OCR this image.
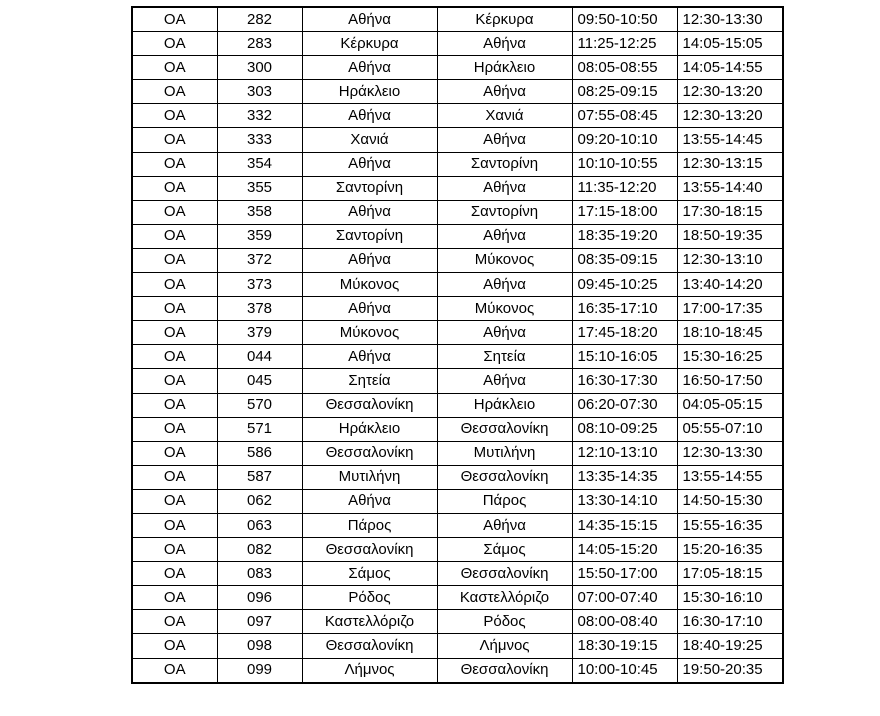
OA	282	Αθήνα	Κέρκυρα	09:50-10:50	12:30-13:30
OA	283	Κέρκυρα	Αθήνα	11:25-12:25	14:05-15:05
OA	300	Αθήνα	Ηράκλειο	08:05-08:55	14:05-14:55
OA	303	Ηράκλειο	Αθήνα	08:25-09:15	12:30-13:20
OA	332	Αθήνα	Χανιά	07:55-08:45	12:30-13:20
OA	333	Χανιά	Αθήνα	09:20-10:10	13:55-14:45
OA	354	Αθήνα	Σαντορίνη	10:10-10:55	12:30-13:15
OA	355	Σαντορίνη	Αθήνα	11:35-12:20	13:55-14:40
OA	358	Αθήνα	Σαντορίνη	17:15-18:00	17:30-18:15
OA	359	Σαντορίνη	Αθήνα	18:35-19:20	18:50-19:35
OA	372	Αθήνα	Μύκονος	08:35-09:15	12:30-13:10
OA	373	Μύκονος	Αθήνα	09:45-10:25	13:40-14:20
OA	378	Αθήνα	Μύκονος	16:35-17:10	17:00-17:35
OA	379	Μύκονος	Αθήνα	17:45-18:20	18:10-18:45
OA	044	Αθήνα	Σητεία	15:10-16:05	15:30-16:25
OA	045	Σητεία	Αθήνα	16:30-17:30	16:50-17:50
OA	570	Θεσσαλονίκη	Ηράκλειο	06:20-07:30	04:05-05:15
OA	571	Ηράκλειο	Θεσσαλονίκη	08:10-09:25	05:55-07:10
OA	586	Θεσσαλονίκη	Μυτιλήνη	12:10-13:10	12:30-13:30
OA	587	Μυτιλήνη	Θεσσαλονίκη	13:35-14:35	13:55-14:55
OA	062	Αθήνα	Πάρος	13:30-14:10	14:50-15:30
OA	063	Πάρος	Αθήνα	14:35-15:15	15:55-16:35
OA	082	Θεσσαλονίκη	Σάμος	14:05-15:20	15:20-16:35
OA	083	Σάμος	Θεσσαλονίκη	15:50-17:00	17:05-18:15
OA	096	Ρόδος	Καστελλόριζο	07:00-07:40	15:30-16:10
OA	097	Καστελλόριζο	Ρόδος	08:00-08:40	16:30-17:10
OA	098	Θεσσαλονίκη	Λήμνος	18:30-19:15	18:40-19:25
OA	099	Λήμνος	Θεσσαλονίκη	10:00-10:45	19:50-20:35
